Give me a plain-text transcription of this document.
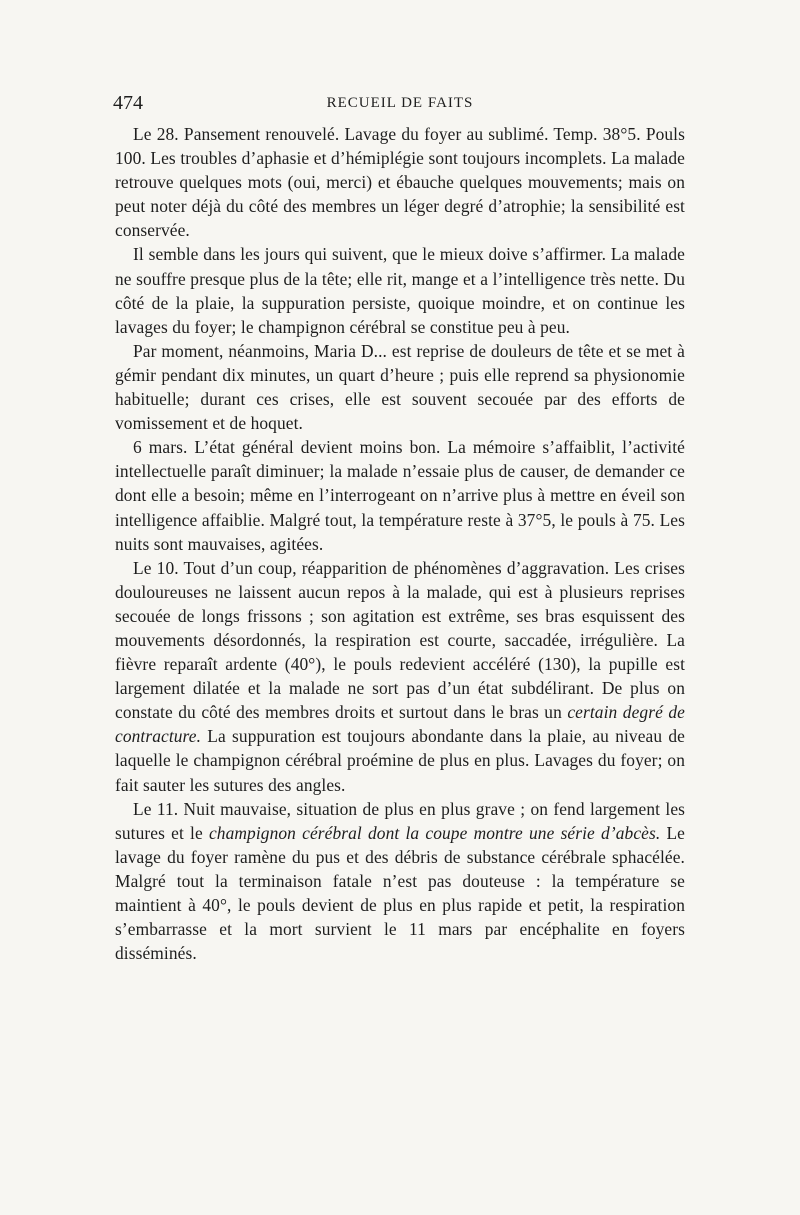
474	RECUEIL DE FAITS

Le 28. Pansement renouvelé. Lavage du foyer au sublimé. Temp. 38°5. Pouls 100. Les troubles d’aphasie et d’hémiplégie sont toujours incomplets. La malade retrouve quelques mots (oui, merci) et ébauche quelques mouvements; mais on peut noter déjà du côté des membres un léger degré d’atrophie; la sensibilité est conservée.

Il semble dans les jours qui suivent, que le mieux doive s’affirmer. La malade ne souffre presque plus de la tête; elle rit, mange et a l’intelligence très nette. Du côté de la plaie, la suppuration persiste, quoique moindre, et on continue les lavages du foyer; le champignon cérébral se constitue peu à peu.

Par moment, néanmoins, Maria D... est reprise de douleurs de tête et se met à gémir pendant dix minutes, un quart d’heure ; puis elle reprend sa physionomie habituelle; durant ces crises, elle est souvent secouée par des efforts de vomissement et de hoquet.

6 mars. L’état général devient moins bon. La mémoire s’affaiblit, l’activité intellectuelle paraît diminuer; la malade n’essaie plus de causer, de demander ce dont elle a besoin; même en l’interrogeant on n’arrive plus à mettre en éveil son intelligence affaiblie. Malgré tout, la température reste à 37°5, le pouls à 75. Les nuits sont mauvaises, agitées.

Le 10. Tout d’un coup, réapparition de phénomènes d’aggravation. Les crises douloureuses ne laissent aucun repos à la malade, qui est à plusieurs reprises secouée de longs frissons ; son agitation est extrême, ses bras esquissent des mouvements désordonnés, la respiration est courte, saccadée, irrégulière. La fièvre reparaît ardente (40°), le pouls redevient accéléré (130), la pupille est largement dilatée et la malade ne sort pas d’un état subdélirant. De plus on constate du côté des membres droits et surtout dans le bras un certain degré de contracture. La suppuration est toujours abondante dans la plaie, au niveau de laquelle le champignon cérébral proémine de plus en plus. Lavages du foyer; on fait sauter les sutures des angles.

Le 11. Nuit mauvaise, situation de plus en plus grave ; on fend largement les sutures et le champignon cérébral dont la coupe montre une série d’abcès. Le lavage du foyer ramène du pus et des débris de substance cérébrale sphacélée. Malgré tout la terminaison fatale n’est pas douteuse : la température se maintient à 40°, le pouls devient de plus en plus rapide et petit, la respiration s’embarrasse et la mort survient le 11 mars par encéphalite en foyers disséminés.
